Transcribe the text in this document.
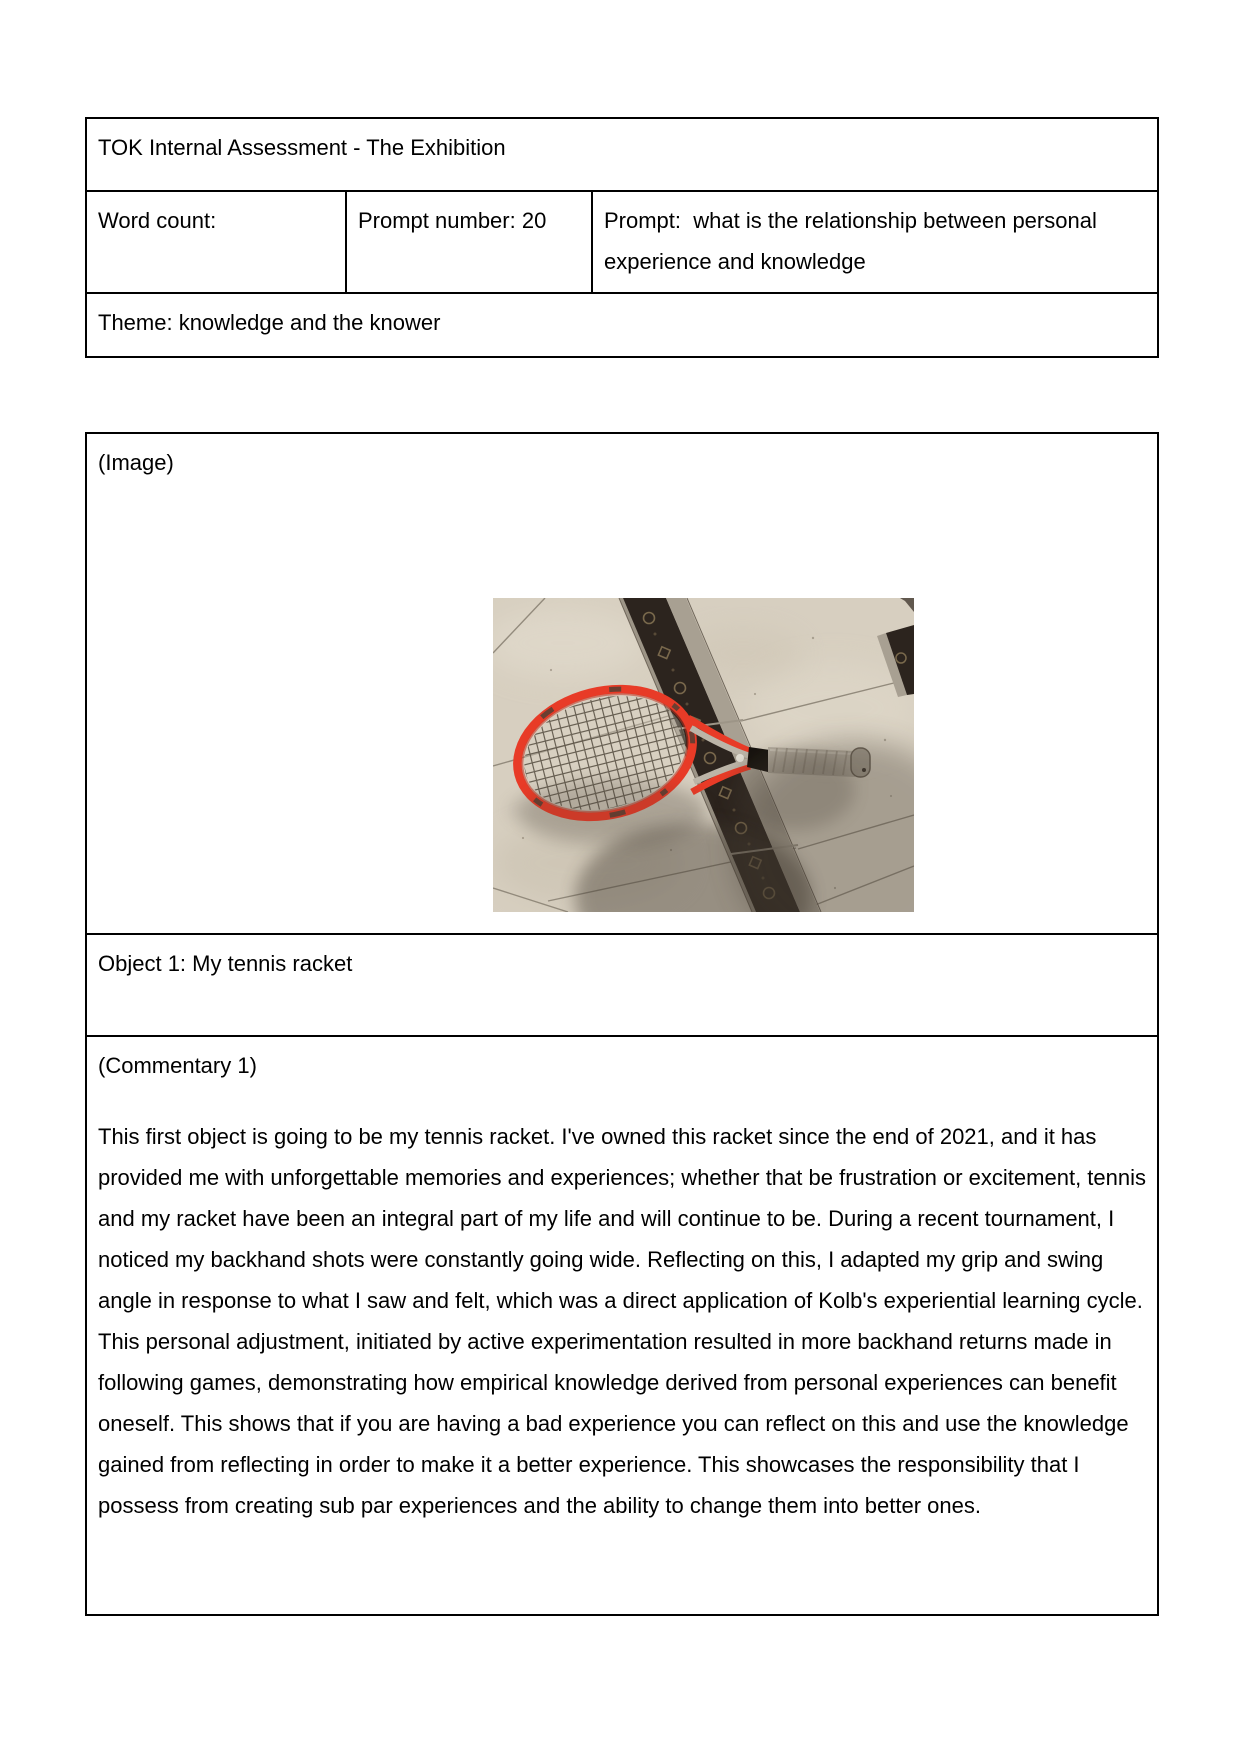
TOK Internal Assessment - The Exhibition
Word count:	Prompt number: 20	Prompt:  what is the relationship between personal experience and knowledge
Theme: knowledge and the knower
(Image)

Object 1: My tennis racket

(Commentary 1)

This first object is going to be my tennis racket. I've owned this racket since the end of 2021, and it has provided me with unforgettable memories and experiences; whether that be frustration or excitement, tennis and my racket have been an integral part of my life and will continue to be. During a recent tournament, I noticed my backhand shots were constantly going wide. Reflecting on this, I adapted my grip and swing angle in response to what I saw and felt, which was a direct application of Kolb's experiential learning cycle. This personal adjustment, initiated by active experimentation resulted in more backhand returns made in following games, demonstrating how empirical knowledge derived from personal experiences can benefit oneself. This shows that if you are having a bad experience you can reflect on this and use the knowledge gained from reflecting in order to make it a better experience. This showcases the responsibility that I possess from creating sub par experiences and the ability to change them into better ones.
